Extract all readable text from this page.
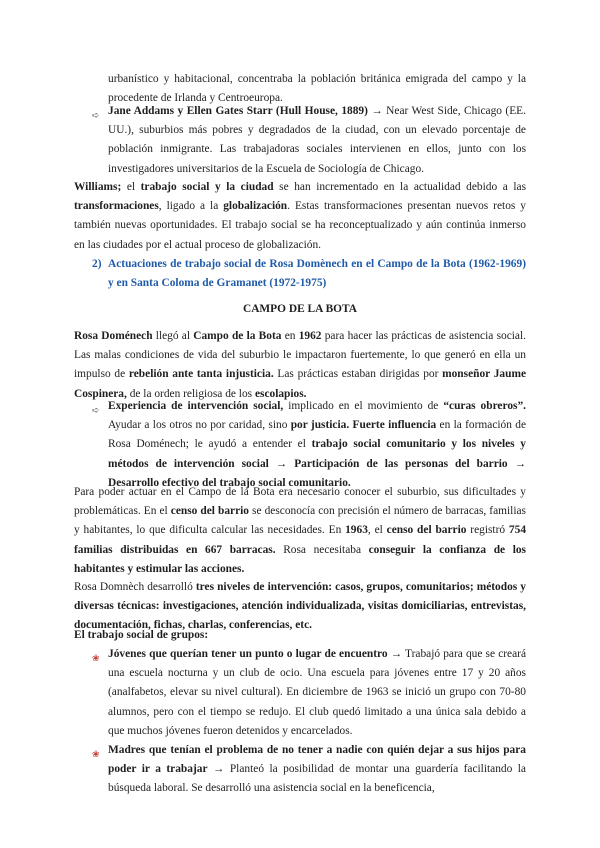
urbanístico y habitacional, concentraba la población británica emigrada del campo y la procedente de Irlanda y Centroeuropa.

➪ Jane Addams y Ellen Gates Starr (Hull House, 1889) → Near West Side, Chicago (EE. UU.), suburbios más pobres y degradados de la ciudad, con un elevado porcentaje de población inmigrante. Las trabajadoras sociales intervienen en ellos, junto con los investigadores universitarios de la Escuela de Sociología de Chicago.

Williams; el trabajo social y la ciudad se han incrementado en la actualidad debido a las transformaciones, ligado a la globalización. Estas transformaciones presentan nuevos retos y también nuevas oportunidades. El trabajo social se ha reconceptualizado y aún continúa inmerso en las ciudades por el actual proceso de globalización.

2) Actuaciones de trabajo social de Rosa Domènech en el Campo de la Bota (1962-1969) y en Santa Coloma de Gramanet (1972-1975)

CAMPO DE LA BOTA

Rosa Doménech llegó al Campo de la Bota en 1962 para hacer las prácticas de asistencia social. Las malas condiciones de vida del suburbio le impactaron fuertemente, lo que generó en ella un impulso de rebelión ante tanta injusticia. Las prácticas estaban dirigidas por monseñor Jaume Cospinera, de la orden religiosa de los escolapios.

➪ Experiencia de intervención social, implicado en el movimiento de “curas obreros”. Ayudar a los otros no por caridad, sino por justicia. Fuerte influencia en la formación de Rosa Doménech; le ayudó a entender el trabajo social comunitario y los niveles y métodos de intervención social → Participación de las personas del barrio → Desarrollo efectivo del trabajo social comunitario.

Para poder actuar en el Campo de la Bota era necesario conocer el suburbio, sus dificultades y problemáticas. En el censo del barrio se desconocía con precisión el número de barracas, familias y habitantes, lo que dificulta calcular las necesidades. En 1963, el censo del barrio registró 754 familias distribuidas en 667 barracas. Rosa necesitaba conseguir la confianza de los habitantes y estimular las acciones.

Rosa Domnèch desarrolló tres niveles de intervención: casos, grupos, comunitarios; métodos y diversas técnicas: investigaciones, atención individualizada, visitas domiciliarias, entrevistas, documentación, fichas, charlas, conferencias, etc.

El trabajo social de grupos:

❀ Jóvenes que querían tener un punto o lugar de encuentro → Trabajó para que se creará una escuela nocturna y un club de ocio. Una escuela para jóvenes entre 17 y 20 años (analfabetos, elevar su nivel cultural). En diciembre de 1963 se inició un grupo con 70-80 alumnos, pero con el tiempo se redujo. El club quedó limitado a una única sala debido a que muchos jóvenes fueron detenidos y encarcelados.

❀ Madres que tenían el problema de no tener a nadie con quién dejar a sus hijos para poder ir a trabajar → Planteó la posibilidad de montar una guardería facilitando la búsqueda laboral. Se desarrolló una asistencia social en la beneficencia,
